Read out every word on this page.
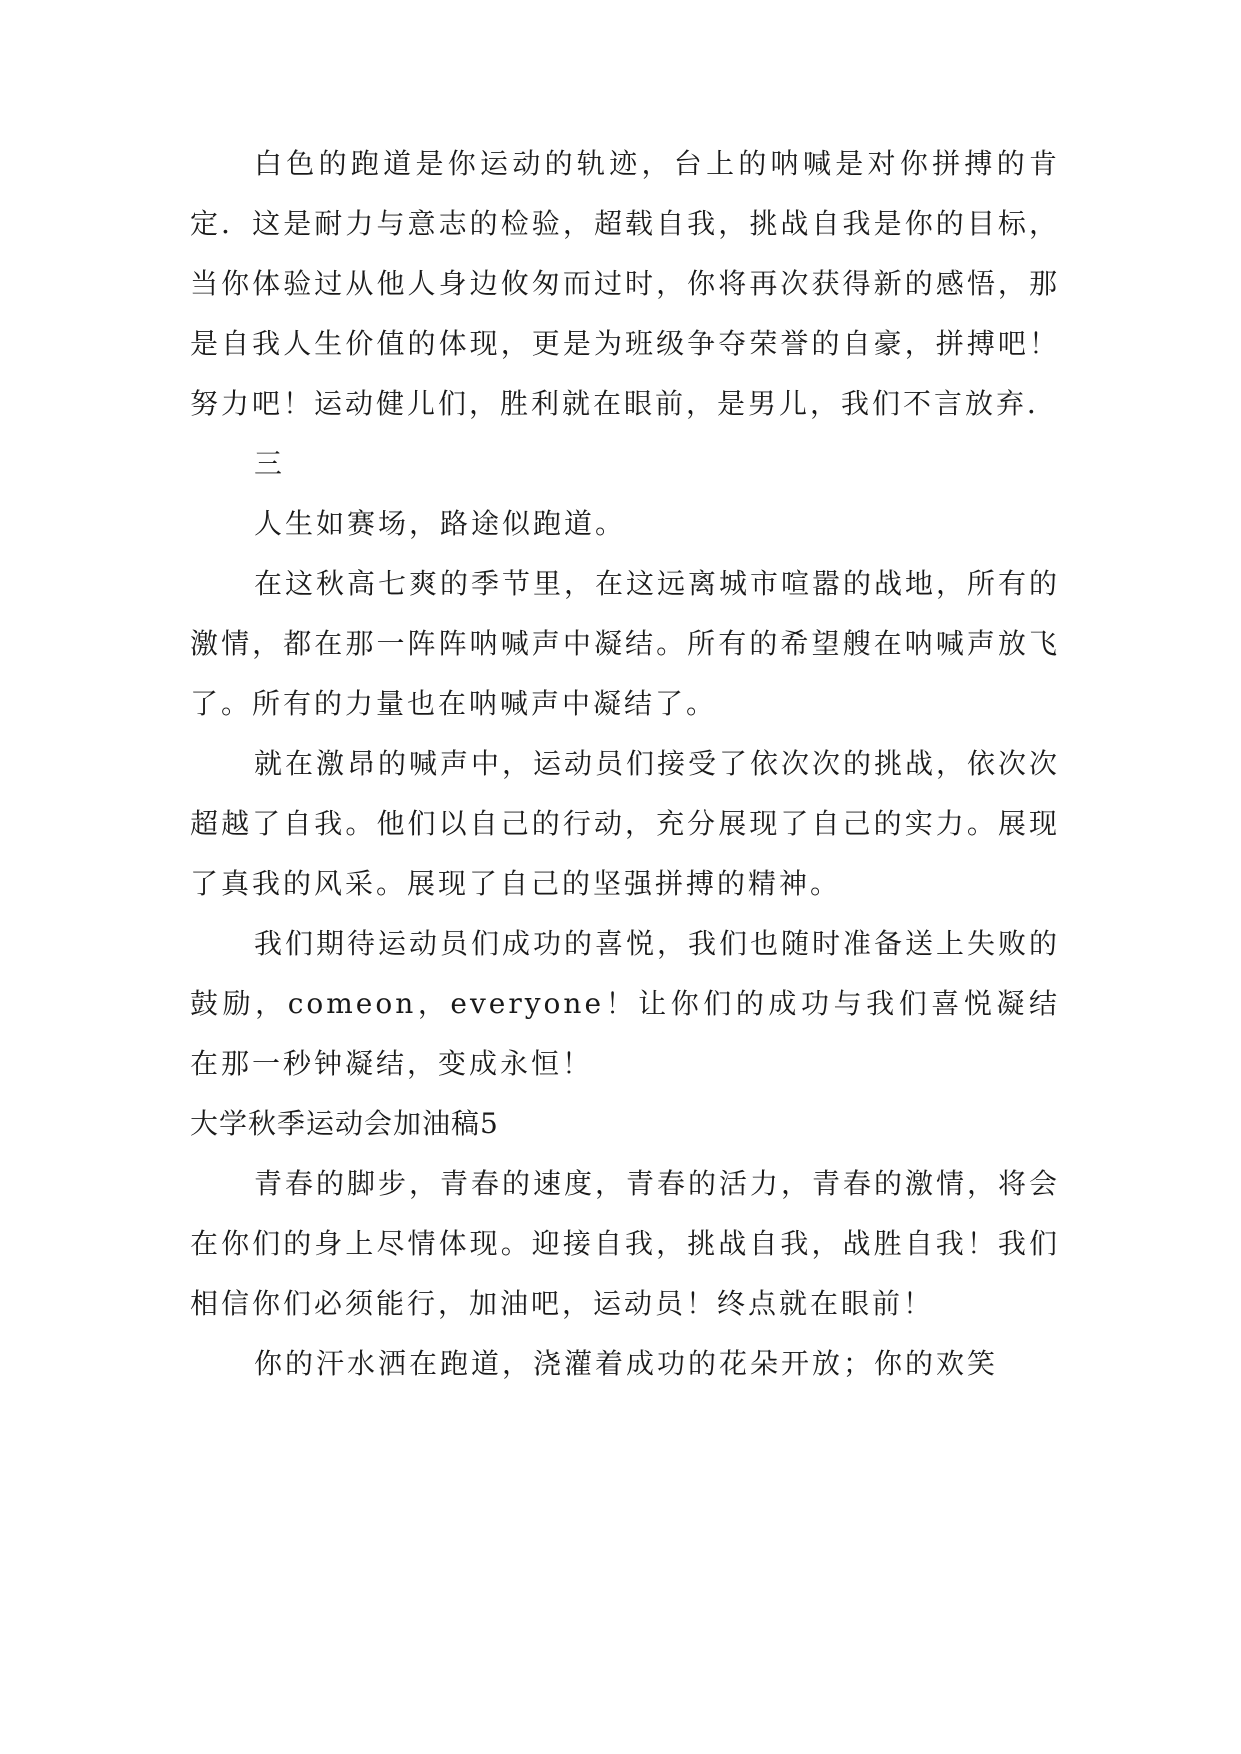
白色的跑道是你运动的轨迹，台上的呐喊是对你拼搏的肯定．这是耐力与意志的检验，超载自我，挑战自我是你的目标，当你体验过从他人身边攸匆而过时，你将再次获得新的感悟，那是自我人生价值的体现，更是为班级争夺荣誉的自豪，拼搏吧！努力吧！运动健儿们，胜利就在眼前，是男儿，我们不言放弃．

三

人生如赛场，路途似跑道。

在这秋高七爽的季节里，在这远离城市喧嚣的战地，所有的激情，都在那一阵阵呐喊声中凝结。所有的希望艘在呐喊声放飞了。所有的力量也在呐喊声中凝结了。

就在激昂的喊声中，运动员们接受了依次次的挑战，依次次超越了自我。他们以自己的行动，充分展现了自己的实力。展现了真我的风采。展现了自己的坚强拼搏的精神。

我们期待运动员们成功的喜悦，我们也随时准备送上失败的鼓励，comeon，everyone！让你们的成功与我们喜悦凝结在那一秒钟凝结，变成永恒！

大学秋季运动会加油稿5

青春的脚步，青春的速度，青春的活力，青春的激情，将会在你们的身上尽情体现。迎接自我，挑战自我，战胜自我！我们相信你们必须能行，加油吧，运动员！终点就在眼前！

你的汗水洒在跑道，浇灌着成功的花朵开放；你的欢笑
